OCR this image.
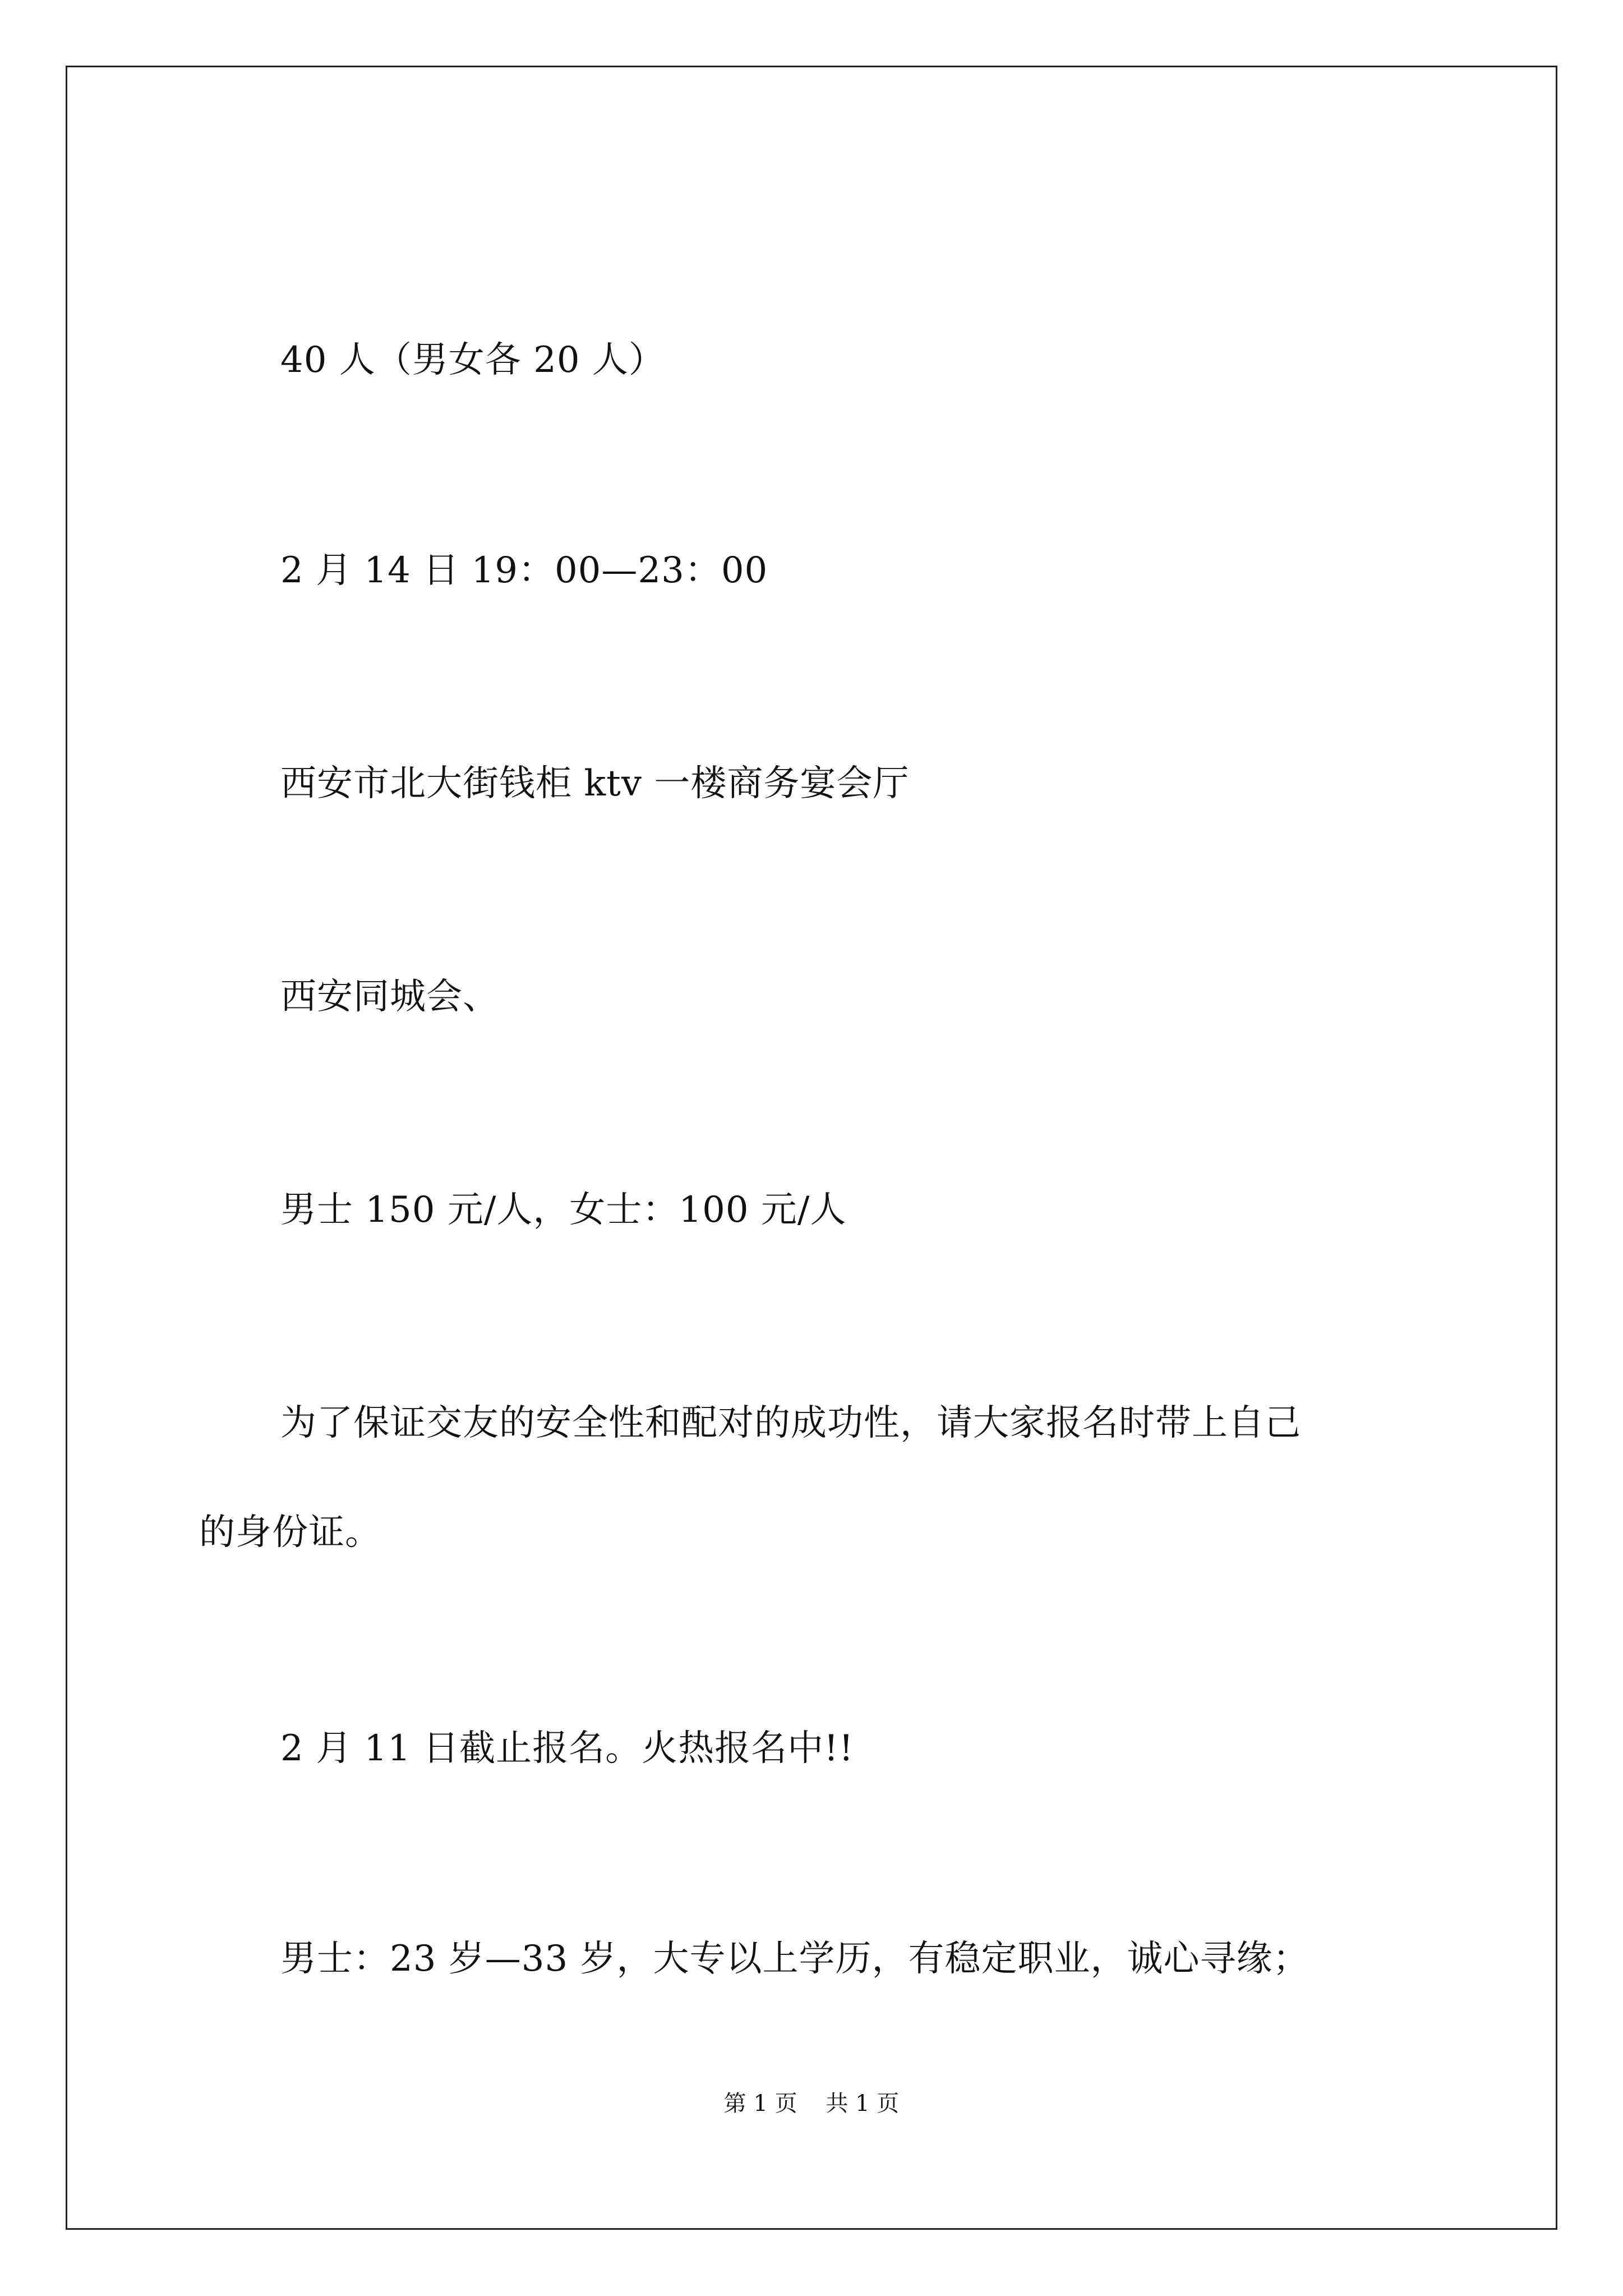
40 人（男女各 20 人）

2 月 14 日 19：00—23：00

西安市北大街钱柜 ktv 一楼商务宴会厅

西安同城会、

男士 150 元/人，女士：100 元/人

为了保证交友的安全性和配对的成功性，请大家报名时带上自己

的身份证。

2 月 11 日截止报名。火热报名中!!

男士：23 岁—33 岁，大专以上学历，有稳定职业，诚心寻缘；

第 1 页    共 1 页
